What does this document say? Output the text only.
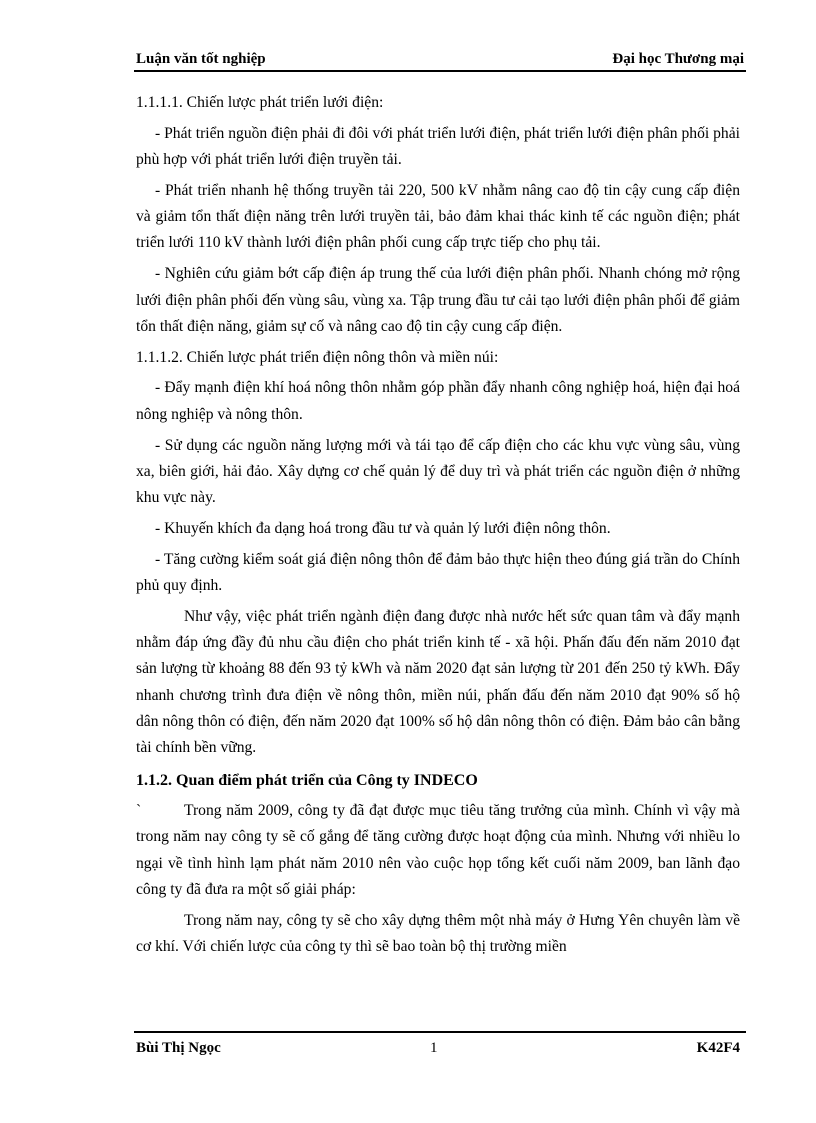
Luận văn tốt nghiệp	Đại học Thương mại

1.1.1.1. Chiến lược phát triển lưới điện:

- Phát triển nguồn điện phải đi đôi với phát triển lưới điện, phát triển lưới điện phân phối phải phù hợp với phát triển lưới điện truyền tải.

- Phát triển nhanh hệ thống truyền tải 220, 500 kV nhằm nâng cao độ tin cậy cung cấp điện và giảm tổn thất điện năng trên lưới truyền tải, bảo đảm khai thác kinh tế các nguồn điện; phát triển lưới 110 kV thành lưới điện phân phối cung cấp trực tiếp cho phụ tải.

- Nghiên cứu giảm bớt cấp điện áp trung thế của lưới điện phân phối. Nhanh chóng mở rộng lưới điện phân phối đến vùng sâu, vùng xa. Tập trung đầu tư cải tạo lưới điện phân phối để giảm tổn thất điện năng, giảm sự cố và nâng cao độ tin cậy cung cấp điện.

1.1.1.2. Chiến lược phát triển điện nông thôn và miền núi:

- Đẩy mạnh điện khí hoá nông thôn nhằm góp phần đẩy nhanh công nghiệp hoá, hiện đại hoá nông nghiệp và nông thôn.

- Sử dụng các nguồn năng lượng mới và tái tạo để cấp điện cho các khu vực vùng sâu, vùng xa, biên giới, hải đảo. Xây dựng cơ chế quản lý để duy trì và phát triển các nguồn điện ở những khu vực này.

- Khuyến khích đa dạng hoá trong đầu tư và quản lý lưới điện nông thôn.

- Tăng cường kiểm soát giá điện nông thôn để đảm bảo thực hiện theo đúng giá trần do Chính phủ quy định.

Như vậy, việc phát triển ngành điện đang được nhà nước hết sức quan tâm và đẩy mạnh nhằm đáp ứng đầy đủ nhu cầu điện cho phát triển kinh tế - xã hội. Phấn đấu đến năm 2010 đạt sản lượng từ khoảng 88 đến 93 tỷ kWh và năm 2020 đạt sản lượng từ 201 đến 250 tỷ kWh. Đẩy nhanh chương trình đưa điện về nông thôn, miền núi, phấn đấu đến năm 2010 đạt 90% số hộ dân nông thôn có điện, đến năm 2020 đạt 100% số hộ dân nông thôn có điện. Đảm bảo cân bằng tài chính bền vững.

1.1.2. Quan điểm phát triển của Công ty INDECO

`	Trong năm 2009, công ty đã đạt được mục tiêu tăng trưởng của mình. Chính vì vậy mà trong năm nay công ty sẽ cố gắng để tăng cường được hoạt động của mình. Nhưng với nhiều lo ngại về tình hình lạm phát năm 2010 nên vào cuộc họp tổng kết cuối năm 2009, ban lãnh đạo công ty đã đưa ra một số giải pháp:

Trong năm nay, công ty sẽ cho xây dựng thêm một nhà máy ở Hưng Yên chuyên làm về cơ khí. Với chiến lược của công ty thì sẽ bao toàn bộ thị trường miền

Bùi Thị Ngọc	1	K42F4
